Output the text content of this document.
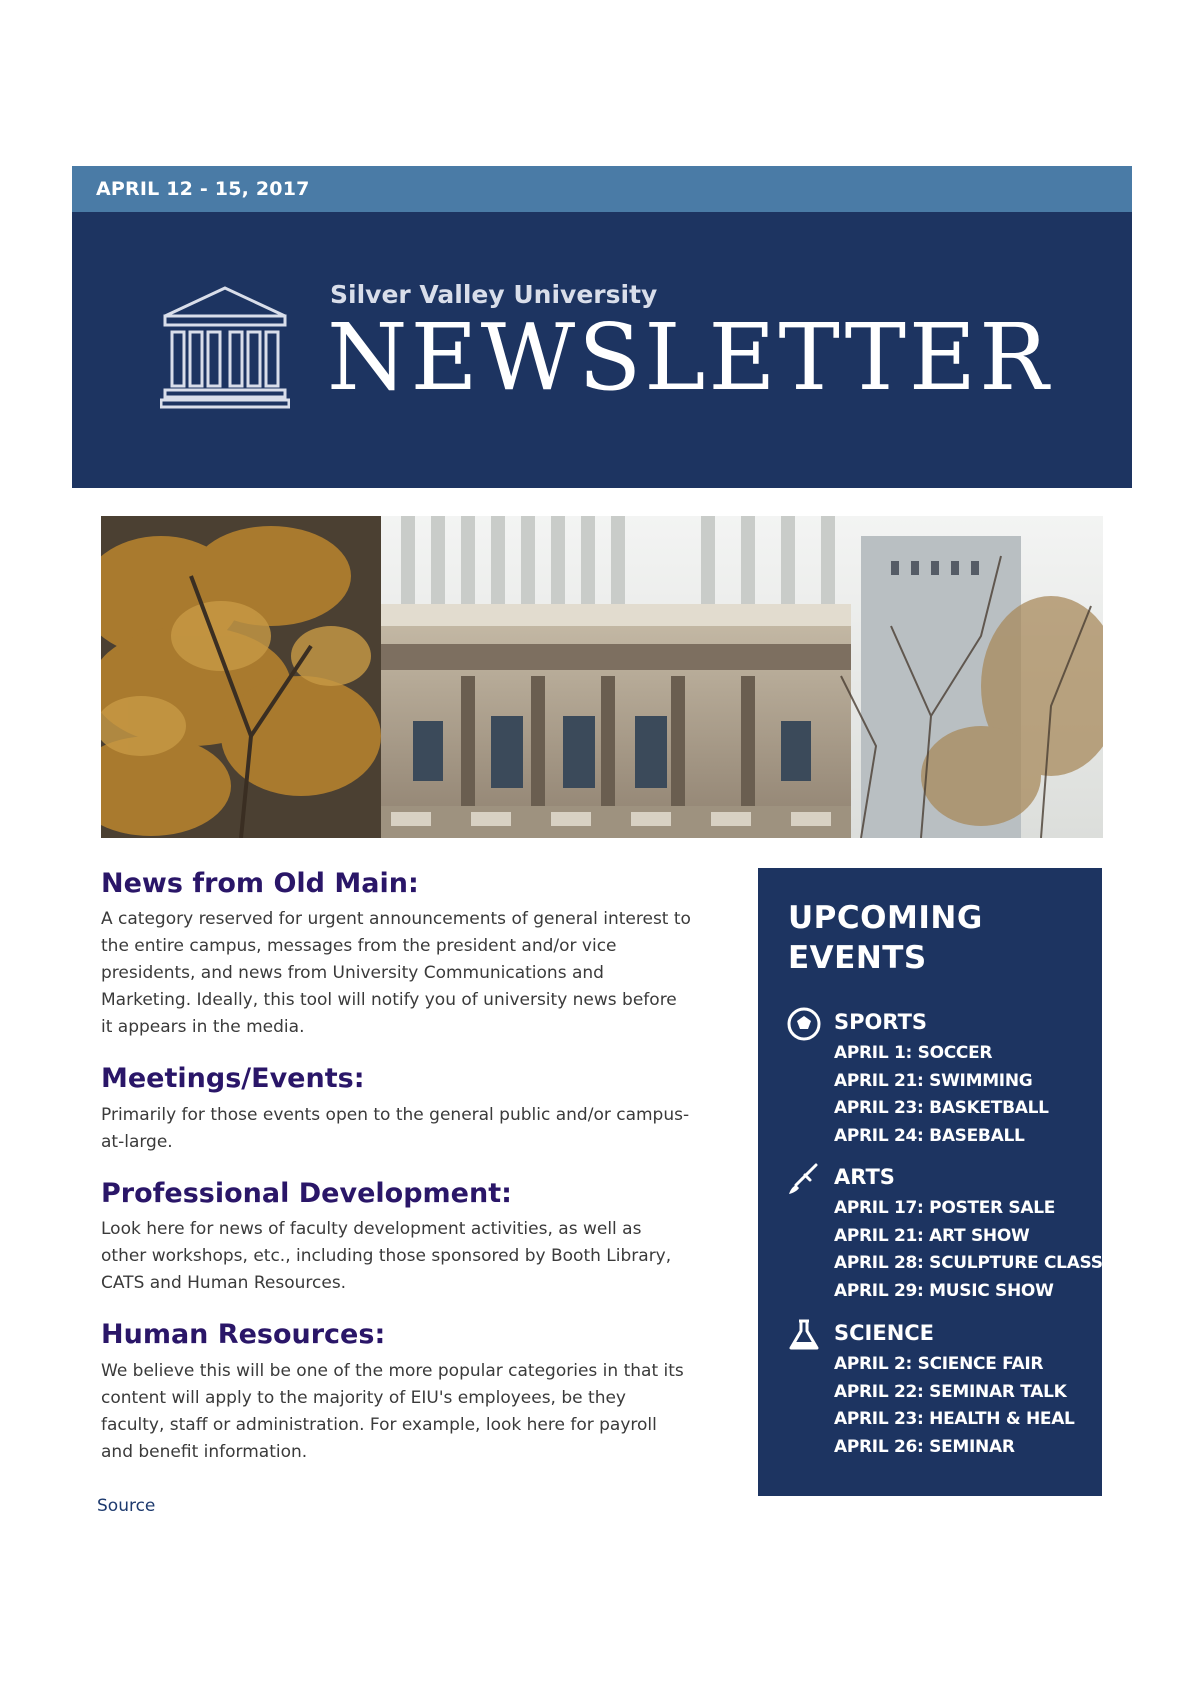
APRIL 12 - 15, 2017
Silver Valley University
NEWSLETTER
News from Old Main:

A category reserved for urgent announcements of general interest to the entire campus, messages from the president and/or vice presidents, and news from University Communications and Marketing. Ideally, this tool will notify you of university news before it appears in the media.

Meetings/Events:

Primarily for those events open to the general public and/or campus-at-large.

Professional Development:

Look here for news of faculty development activities, as well as other workshops, etc., including those sponsored by Booth Library, CATS and Human Resources.

Human Resources:

We believe this will be one of the more popular categories in that its content will apply to the majority of EIU's employees, be they faculty, staff or administration. For example, look here for payroll and benefit information.

Source
UPCOMING
EVENTS
SPORTS
APRIL 1: SOCCER
APRIL 21: SWIMMING
APRIL 23: BASKETBALL
APRIL 24: BASEBALL
ARTS
APRIL 17: POSTER SALE
APRIL 21: ART SHOW
APRIL 28: SCULPTURE CLASS
APRIL 29: MUSIC SHOW
SCIENCE
APRIL 2: SCIENCE FAIR
APRIL 22: SEMINAR TALK
APRIL 23: HEALTH & HEAL
APRIL 26: SEMINAR
